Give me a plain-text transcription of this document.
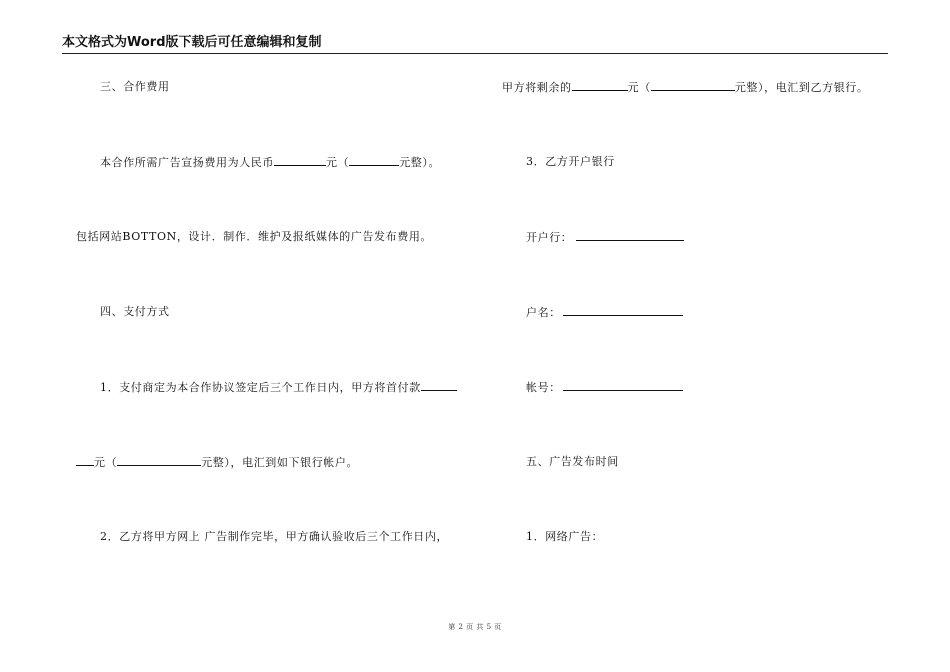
本文格式为Word版下载后可任意编辑和复制
三、合作费用
本合作所需广告宣扬费用为人民币	元（	元整）。
包括网站BOTTON，设计．制作．维护及报纸媒体的广告发布费用。
四、支付方式
1．支付商定为本合作协议签定后三个工作日内，甲方将首付款
元（	元整），电汇到如下银行帐户。
2．乙方将甲方网上 广告制作完毕，甲方确认验收后三个工作日内，
甲方将剩余的	元（	元整），电汇到乙方银行。
3．乙方开户银行
开户行：
户名：
帐号：
五、广告发布时间
1．网络广告：
第 2 页 共 5 页
